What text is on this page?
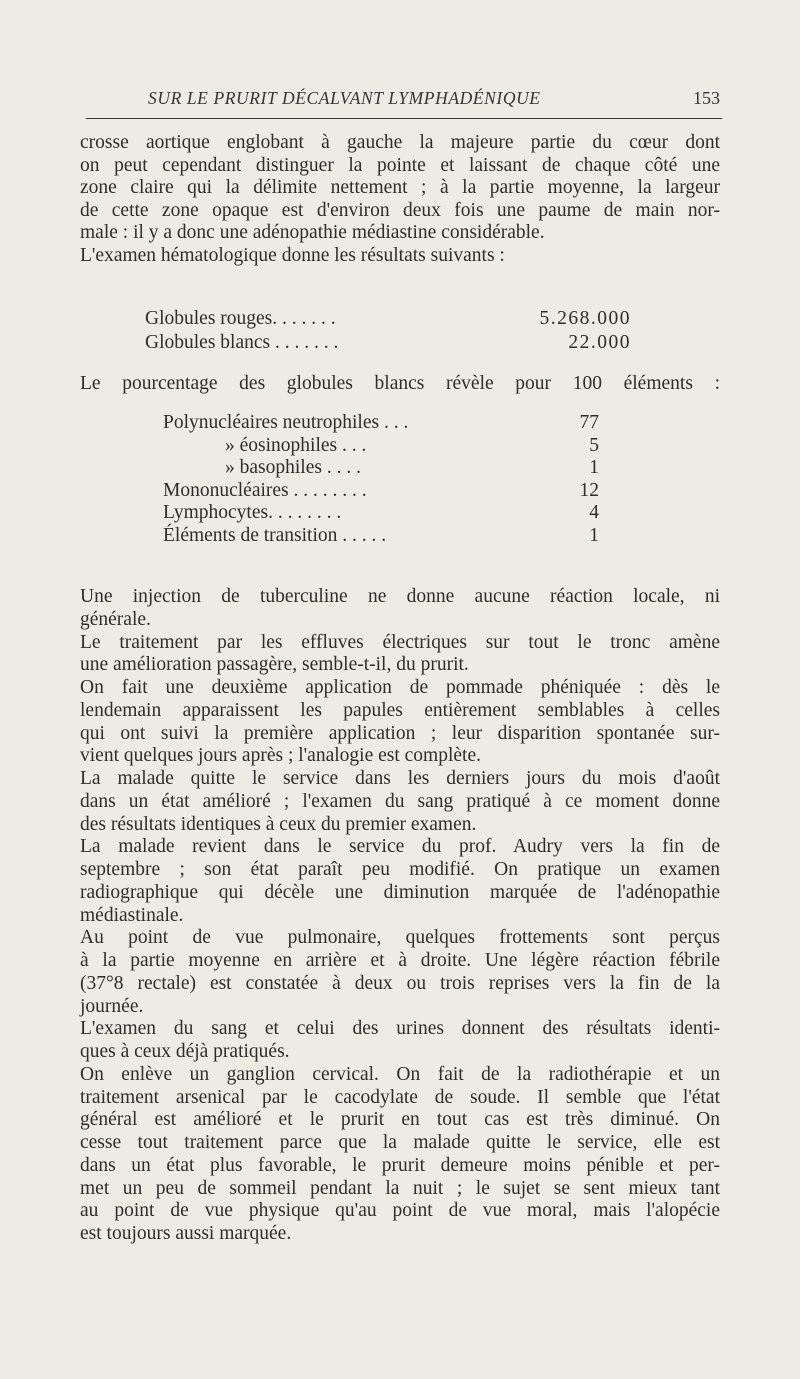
SUR LE PRURIT DÉCALVANT LYMPHADÉNIQUE	153
crosse aortique englobant à gauche la majeure partie du cœur dont
on peut cependant distinguer la pointe et laissant de chaque côté une
zone claire qui la délimite nettement ; à la partie moyenne, la largeur
de cette zone opaque est d'environ deux fois une paume de main nor-
male : il y a donc une adénopathie médiastine considérable.
L'examen hématologique donne les résultats suivants :
Globules rouges. . . . . . .	5.268.000
Globules blancs . . . . . . .	22.000
Le pourcentage des globules blancs révèle pour 100 éléments :
Polynucléaires neutrophiles . . .	77
» éosinophiles . . .	5
» basophiles . . . .	1
Mononucléaires . . . . . . . .	12
Lymphocytes. . . . . . . .	4
Éléments de transition . . . . .	1
Une injection de tuberculine ne donne aucune réaction locale, ni
générale.
Le traitement par les effluves électriques sur tout le tronc amène
une amélioration passagère, semble-t-il, du prurit.
On fait une deuxième application de pommade phéniquée : dès le
lendemain apparaissent les papules entièrement semblables à celles
qui ont suivi la première application ; leur disparition spontanée sur-
vient quelques jours après ; l'analogie est complète.
La malade quitte le service dans les derniers jours du mois d'août
dans un état amélioré ; l'examen du sang pratiqué à ce moment donne
des résultats identiques à ceux du premier examen.
La malade revient dans le service du prof. Audry vers la fin de
septembre ; son état paraît peu modifié. On pratique un examen
radiographique qui décèle une diminution marquée de l'adénopathie
médiastinale.
Au point de vue pulmonaire, quelques frottements sont perçus
à la partie moyenne en arrière et à droite. Une légère réaction fébrile
(37°8 rectale) est constatée à deux ou trois reprises vers la fin de la
journée.
L'examen du sang et celui des urines donnent des résultats identi-
ques à ceux déjà pratiqués.
On enlève un ganglion cervical. On fait de la radiothérapie et un
traitement arsenical par le cacodylate de soude. Il semble que l'état
général est amélioré et le prurit en tout cas est très diminué. On
cesse tout traitement parce que la malade quitte le service, elle est
dans un état plus favorable, le prurit demeure moins pénible et per-
met un peu de sommeil pendant la nuit ; le sujet se sent mieux tant
au point de vue physique qu'au point de vue moral, mais l'alopécie
est toujours aussi marquée.
